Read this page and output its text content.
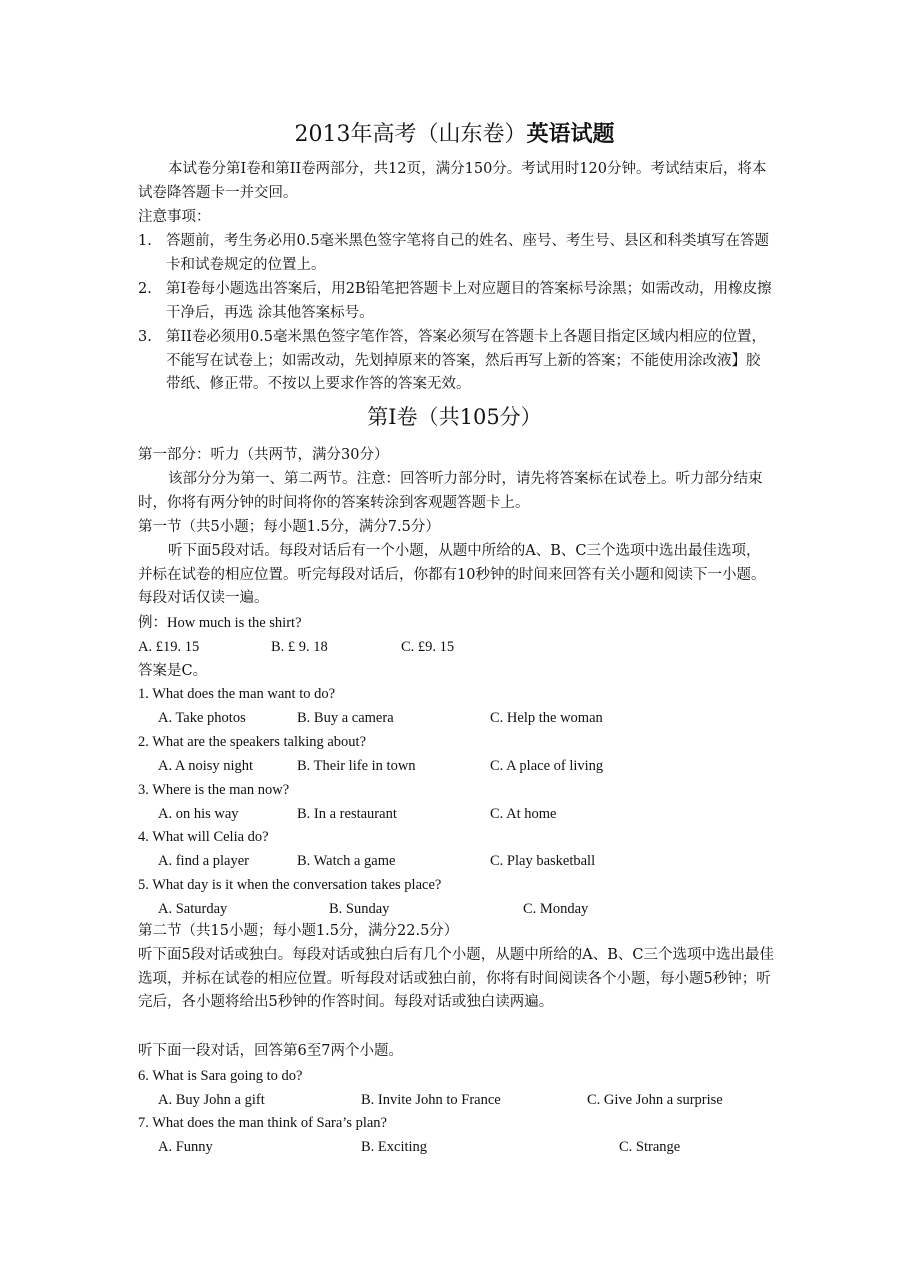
2013年高考（山东卷）英语试题
本试卷分第I卷和第II卷两部分，共12页，满分150分。考试用时120分钟。考试结束后，将本试卷降答题卡一并交回。
注意事项：
1. 答题前，考生务必用0.5毫米黑色签字笔将自己的姓名、座号、考生号、县区和科类填写在答题卡和试卷规定的位置上。
2. 第I卷每小题选出答案后，用2B铅笔把答题卡上对应题目的答案标号涂黑；如需改动，用橡皮擦干净后，再选 涂其他答案标号。
3. 第II卷必须用0.5毫米黑色签字笔作答，答案必须写在答题卡上各题目指定区域内相应的位置，不能写在试卷上；如需改动，先划掉原来的答案，然后再写上新的答案；不能使用涂改液】胶带纸、修正带。不按以上要求作答的答案无效。
第I卷（共105分）
第一部分：听力（共两节，满分30分）
该部分分为第一、第二两节。注意：回答听力部分时，请先将答案标在试卷上。听力部分结束时，你将有两分钟的时间将你的答案转涂到客观题答题卡上。
第一节（共5小题；每小题1.5分，满分7.5分）
听下面5段对话。每段对话后有一个小题，从题中所给的A、B、C三个选项中选出最佳选项，并标在试卷的相应位置。听完每段对话后，你都有10秒钟的时间来回答有关小题和阅读下一小题。每段对话仅读一遍。
例：How much is the shirt?
A. £19. 15	B. £ 9. 18	C. £9. 15
答案是C。
1. What does the man want to do?
A. Take photos	B. Buy a camera	C. Help the woman
2. What are the speakers talking about?
A. A noisy night	B. Their life in town	C. A place of living
3. Where is the man now?
A. on his way	B. In a restaurant	C. At home
4. What will Celia do?
A. find a player	B. Watch a game	C. Play basketball
5. What day is it when the conversation takes place?
A. Saturday	B. Sunday	C. Monday
第二节（共15小题；每小题1.5分，满分22.5分）
听下面5段对话或独白。每段对话或独白后有几个小题，从题中所给的A、B、C三个选项中选出最佳选项，并标在试卷的相应位置。听每段对话或独白前，你将有时间阅读各个小题，每小题5秒钟；听完后，各小题将给出5秒钟的作答时间。每段对话或独白读两遍。
听下面一段对话，回答第6至7两个小题。
6. What is Sara going to do?
A. Buy John a gift	B. Invite John to France	C. Give John a surprise
7. What does the man think of Sara’s plan?
A. Funny	B. Exciting	C. Strange
